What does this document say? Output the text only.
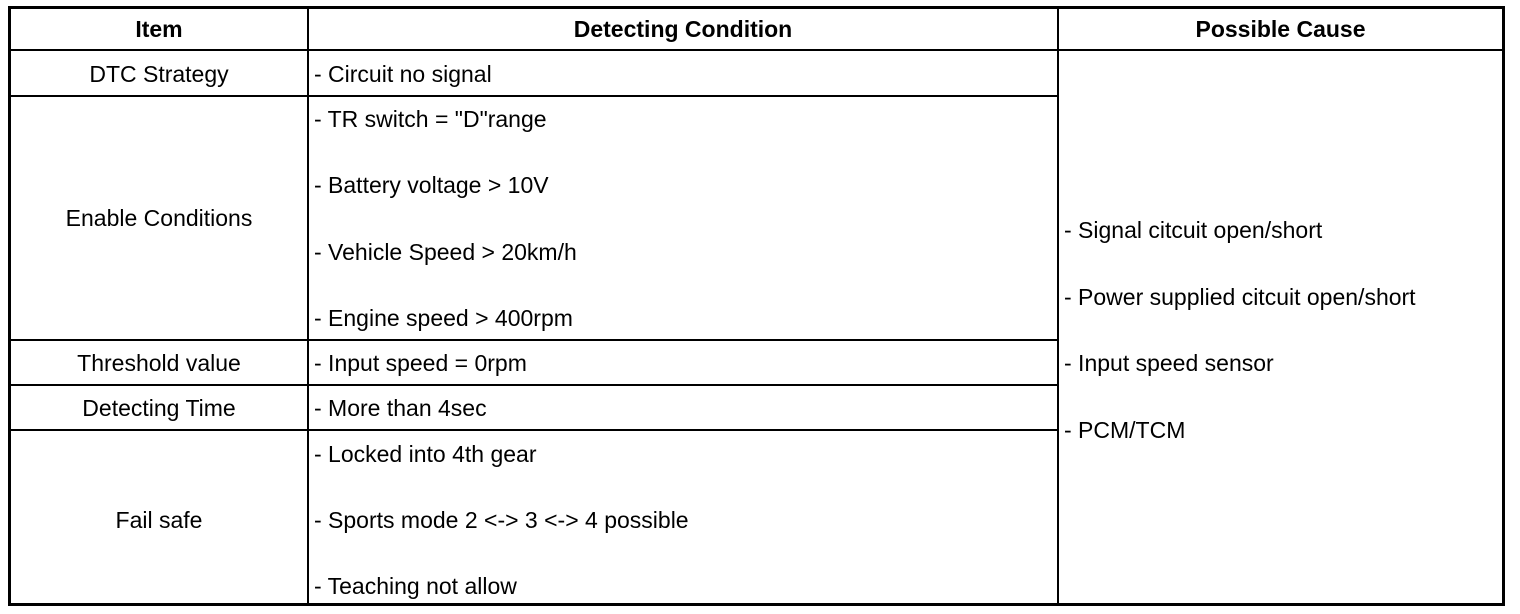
Item	Detecting Condition	Possible Cause
DTC Strategy
Enable Conditions
Threshold value
Detecting Time
Fail safe
- Circuit no signal
- TR switch = "D"range
- Battery voltage > 10V
- Vehicle Speed > 20km/h
- Engine speed > 400rpm
- Input speed = 0rpm
- More than 4sec
- Locked into 4th gear
- Sports mode 2 <-> 3 <-> 4 possible
- Teaching not allow
- Signal citcuit open/short
- Power supplied citcuit open/short
- Input speed sensor
- PCM/TCM
